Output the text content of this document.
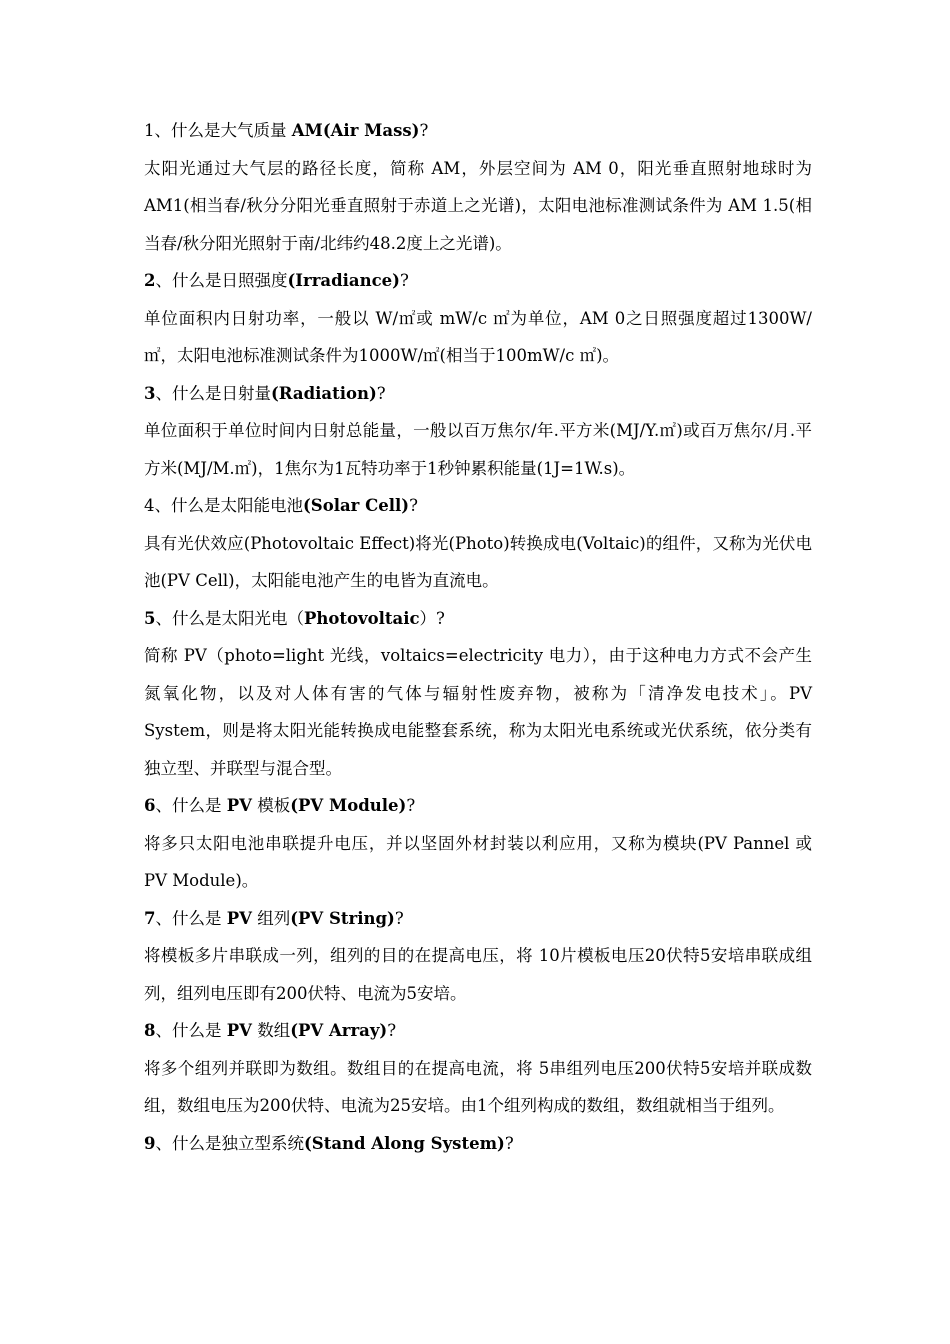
1、什么是大气质量 AM(Air Mass)?

太阳光通过大气层的路径长度，简称 AM，外层空间为 AM 0，阳光垂直照射地球时为 AM1(相当春/秋分分阳光垂直照射于赤道上之光谱)，太阳电池标准测试条件为 AM 1.5(相当春/秋分阳光照射于南/北纬约48.2度上之光谱)。

2、什么是日照强度(Irradiance)?

单位面积内日射功率，一般以 W/㎡或 mW/c ㎡为单位，AM 0之日照强度超过1300W/㎡，太阳电池标准测试条件为1000W/㎡(相当于100mW/c ㎡)。

3、什么是日射量(Radiation)?

单位面积于单位时间内日射总能量，一般以百万焦尔/年.平方米(MJ/Y.㎡)或百万焦尔/月.平方米(MJ/M.㎡)，1焦尔为1瓦特功率于1秒钟累积能量(1J=1W.s)。

4、什么是太阳能电池(Solar Cell)?

具有光伏效应(Photovoltaic Effect)将光(Photo)转换成电(Voltaic)的组件，又称为光伏电池(PV Cell)，太阳能电池产生的电皆为直流电。

5、什么是太阳光电（Photovoltaic）?

简称 PV（photo=light 光线，voltaics=electricity 电力），由于这种电力方式不会产生氮氧化物，以及对人体有害的气体与辐射性废弃物，被称为「清净发电技术」。PV System，则是将太阳光能转换成电能整套系统，称为太阳光电系统或光伏系统，依分类有独立型、并联型与混合型。

6、什么是 PV 模板(PV Module)?

将多只太阳电池串联提升电压，并以坚固外材封装以利应用，又称为模块(PV Pannel 或 PV Module)。

7、什么是 PV 组列(PV String)?

将模板多片串联成一列，组列的目的在提高电压，将 10片模板电压20伏特5安培串联成组列，组列电压即有200伏特、电流为5安培。

8、什么是 PV 数组(PV Array)?

将多个组列并联即为数组。数组目的在提高电流，将 5串组列电压200伏特5安培并联成数组，数组电压为200伏特、电流为25安培。由1个组列构成的数组，数组就相当于组列。

9、什么是独立型系统(Stand Along System)?
